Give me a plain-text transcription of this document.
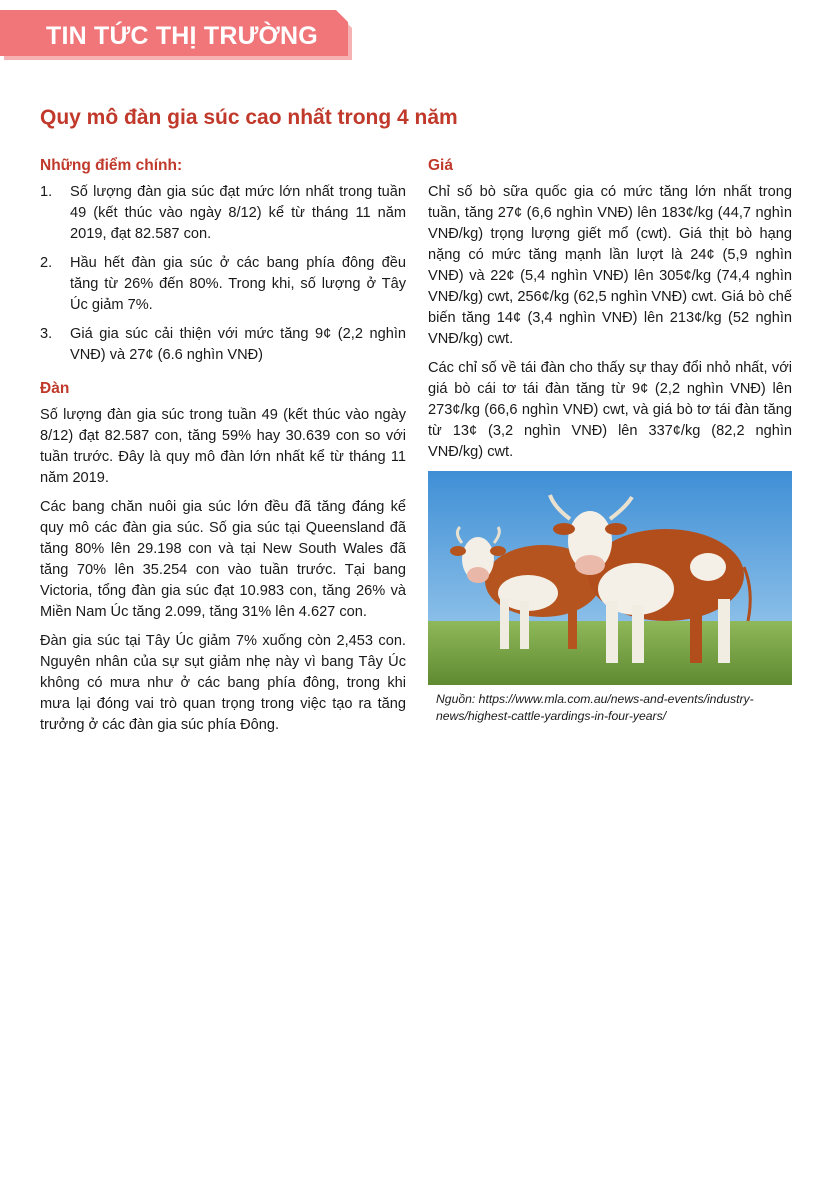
TIN TỨC THỊ TRƯỜNG
Quy mô đàn gia súc cao nhất trong 4 năm
Những điểm chính:
1. Số lượng đàn gia súc đạt mức lớn nhất trong tuần 49 (kết thúc vào ngày 8/12) kể từ tháng 11 năm 2019, đạt 82.587 con.
2. Hầu hết đàn gia súc ở các bang phía đông đều tăng từ 26% đến 80%. Trong khi, số lượng ở Tây Úc giảm 7%.
3. Giá gia súc cải thiện với mức tăng 9¢ (2,2 nghìn VNĐ) và 27¢ (6.6 nghìn VNĐ)
Đàn

Số lượng đàn gia súc trong tuần 49 (kết thúc vào ngày 8/12) đạt 82.587 con, tăng 59% hay 30.639 con so với tuần trước. Đây là quy mô đàn lớn nhất kể từ tháng 11 năm 2019.

Các bang chăn nuôi gia súc lớn đều đã tăng đáng kể quy mô các đàn gia súc. Số gia súc tại Queensland đã tăng 80% lên 29.198 con và tại New South Wales đã tăng 70% lên 35.254 con vào tuần trước. Tại bang Victoria, tổng đàn gia súc đạt 10.983 con, tăng 26% và Miền Nam Úc tăng 2.099, tăng 31% lên 4.627 con.

Đàn gia súc tại Tây Úc giảm 7% xuống còn 2,453 con. Nguyên nhân của sự sụt giảm nhẹ này vì bang Tây Úc không có mưa như ở các bang phía đông, trong khi mưa lại đóng vai trò quan trọng trong việc tạo ra tăng trưởng ở các đàn gia súc phía Đông.

Giá

Chỉ số bò sữa quốc gia có mức tăng lớn nhất trong tuần, tăng 27¢ (6,6 nghìn VNĐ) lên 183¢/kg (44,7 nghìn VNĐ/kg) trọng lượng giết mổ (cwt). Giá thịt bò hạng nặng có mức tăng mạnh lần lượt là 24¢ (5,9 nghìn VNĐ) và 22¢ (5,4 nghìn VNĐ) lên 305¢/kg (74,4 nghìn VNĐ/kg) cwt, 256¢/kg (62,5 nghìn VNĐ) cwt. Giá bò chế biến tăng 14¢ (3,4 nghìn VNĐ) lên 213¢/kg (52 nghìn VNĐ/kg) cwt.

Các chỉ số về tái đàn cho thấy sự thay đổi nhỏ nhất, với giá bò cái tơ tái đàn tăng từ 9¢ (2,2 nghìn VNĐ) lên 273¢/kg (66,6 nghìn VNĐ) cwt, và giá bò tơ tái đàn tăng từ 13¢ (3,2 nghìn VNĐ) lên 337¢/kg (82,2 nghìn VNĐ/kg) cwt.

Nguồn: https://www.mla.com.au/news-and-events/industry-news/highest-cattle-yardings-in-four-years/
